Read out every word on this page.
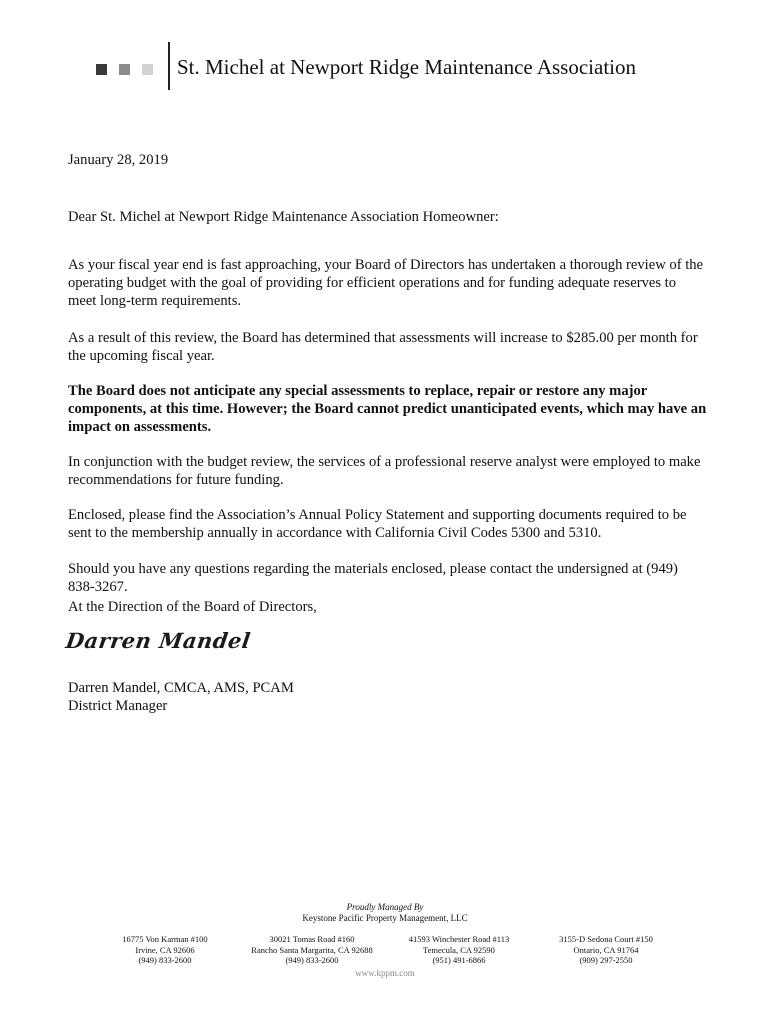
St. Michel at Newport Ridge Maintenance Association
January 28, 2019
Dear St. Michel at Newport Ridge Maintenance Association Homeowner:

As your fiscal year end is fast approaching, your Board of Directors has undertaken a thorough review of the operating budget with the goal of providing for efficient operations and for funding adequate reserves to meet long-term requirements.

As a result of this review, the Board has determined that assessments will increase to $285.00 per month for the upcoming fiscal year.

The Board does not anticipate any special assessments to replace, repair or restore any major components, at this time. However; the Board cannot predict unanticipated events, which may have an impact on assessments.

In conjunction with the budget review, the services of a professional reserve analyst were employed to make recommendations for future funding.

Enclosed, please find the Association’s Annual Policy Statement and supporting documents required to be sent to the membership annually in accordance with California Civil Codes 5300 and 5310.

Should you have any questions regarding the materials enclosed, please contact the undersigned at (949) 838-3267.

At the Direction of the Board of Directors,
Darren Mandel
Darren Mandel, CMCA, AMS, PCAM
District Manager
Proudly Managed By
Keystone Pacific Property Management, LLC
16775 Von Karman #100
Irvine, CA 92606
(949) 833-2600
30021 Tomas Road #160
Rancho Santa Margarita, CA 92688
(949) 833-2600
41593 Winchester Road #113
Temecula, CA 92590
(951) 491-6866
3155-D Sedona Court #150
Ontario, CA 91764
(909) 297-2550
www.kppm.com
